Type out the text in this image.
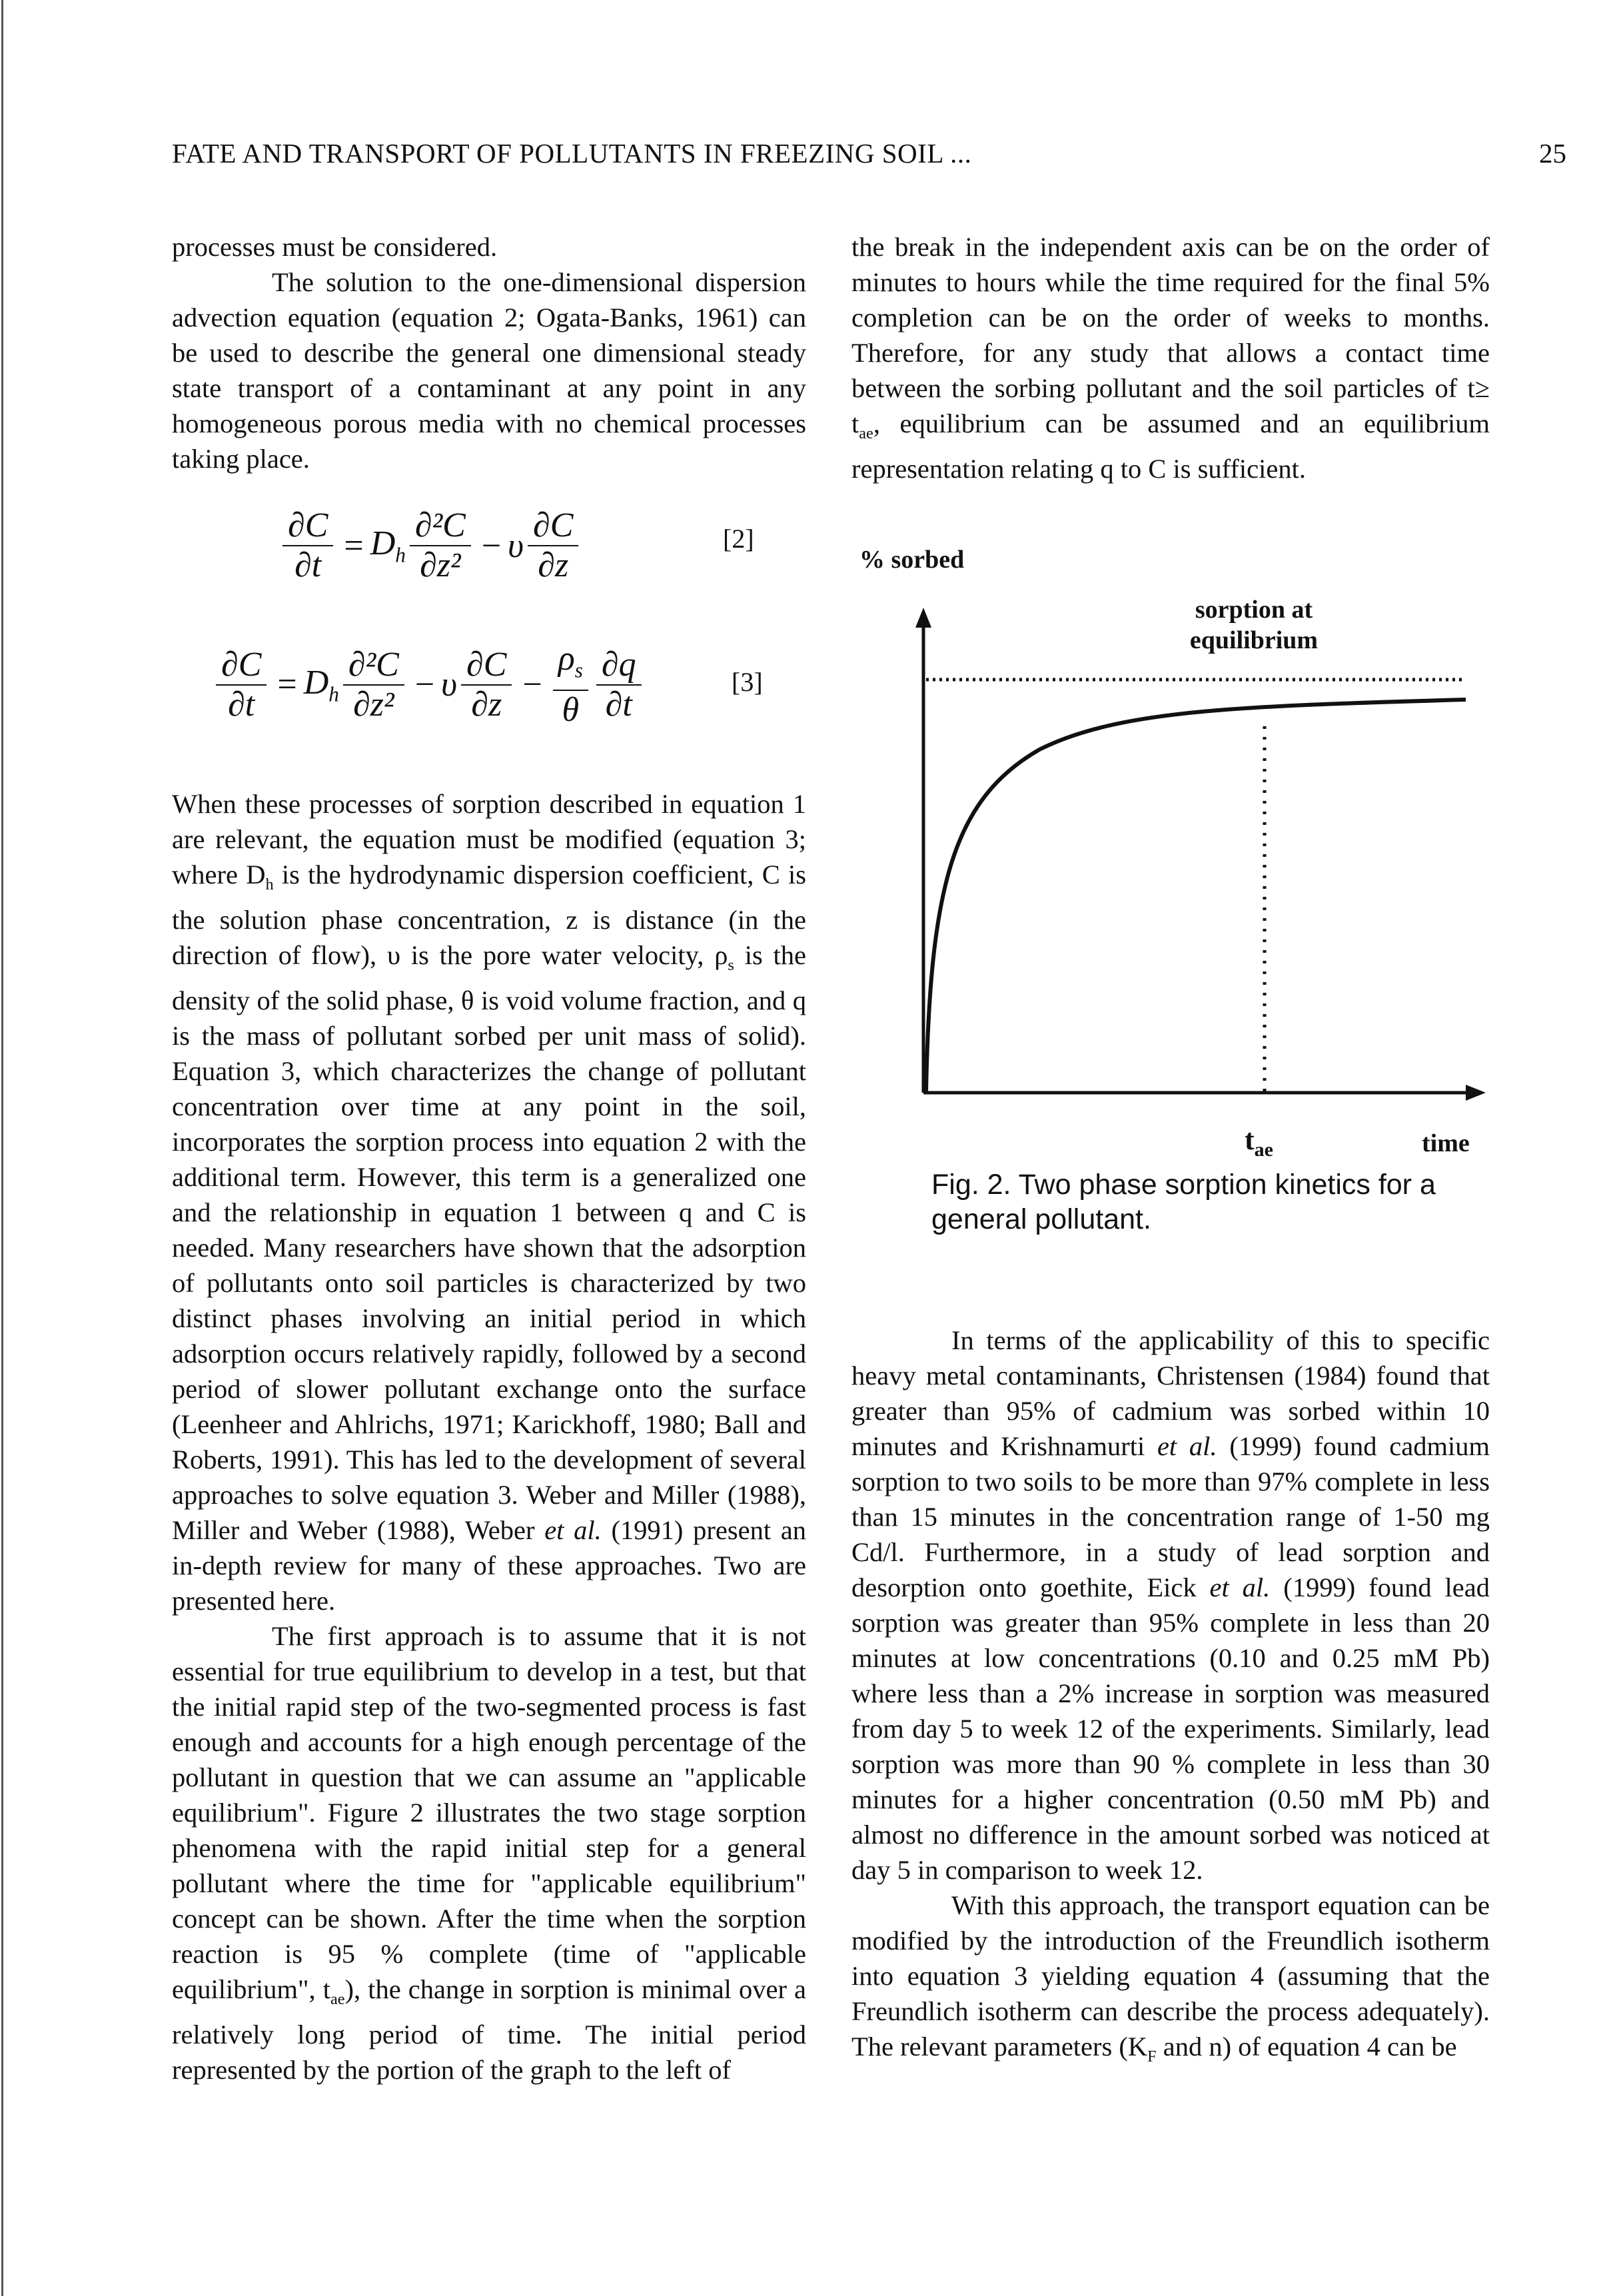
FATE AND TRANSPORT OF POLLUTANTS IN FREEZING SOIL ...	25

processes must be considered.

The solution to the one-dimensional dispersion advection equation (equation 2; Ogata-Banks, 1961) can be used to describe the general one dimensional steady state transport of a contaminant at any point in any homogeneous porous media with no chemical processes taking place.

$\frac{\partial C}{\partial t} = D_h \frac{\text{∂²C}}{\text{∂z²}} - \upsilon \frac{\partial C}{\partial z}$	[2]
$\frac{\partial C}{\partial t} = D_h \frac{\text{∂²C}}{\text{∂z²}} - \upsilon \frac{\partial C}{\partial z} - \frac{\rho_s}{\theta} \frac{\partial q}{\partial t}$	[3]

When these processes of sorption described in equation 1 are relevant, the equation must be modified (equation 3; where $D_h$ is the hydrodynamic dispersion coefficient, C is the solution phase concentration, z is distance (in the direction of flow), υ is the pore water velocity, $\rho_s$ is the density of the solid phase, θ is void volume fraction, and q is the mass of pollutant sorbed per unit mass of solid). Equation 3, which characterizes the change of pollutant concentration over time at any point in the soil, incorporates the sorption process into equation 2 with the additional term. However, this term is a generalized one and the relationship in equation 1 between q and C is needed. Many researchers have shown that the adsorption of pollutants onto soil particles is characterized by two distinct phases involving an initial period in which adsorption occurs relatively rapidly, followed by a second period of slower pollutant exchange onto the surface (Leenheer and Ahlrichs, 1971; Karickhoff, 1980; Ball and Roberts, 1991). This has led to the development of several approaches to solve equation 3. Weber and Miller (1988), Miller and Weber (1988), Weber et al. (1991) present an in-depth review for many of these approaches. Two are presented here.

The first approach is to assume that it is not essential for true equilibrium to develop in a test, but that the initial rapid step of the two-segmented process is fast enough and accounts for a high enough percentage of the pollutant in question that we can assume an "applicable equilibrium". Figure 2 illustrates the two stage sorption phenomena with the rapid initial step for a general pollutant where the time for "applicable equilibrium" concept can be shown. After the time when the sorption reaction is 95 % complete (time of "applicable equilibrium", $t_{ae}$), the change in sorption is minimal over a relatively long period of time. The initial period represented by the portion of the graph to the left of

the break in the independent axis can be on the order of minutes to hours while the time required for the final 5% completion can be on the order of weeks to months. Therefore, for any study that allows a contact time between the sorbing pollutant and the soil particles of $t\ge t_{ae}$, equilibrium can be assumed and an equilibrium representation relating q to C is sufficient.

% sorbed
sorption at
equilibrium
$t_{ae}$	time
Fig. 2. Two phase sorption kinetics for a general pollutant.

In terms of the applicability of this to specific heavy metal contaminants, Christensen (1984) found that greater than 95% of cadmium was sorbed within 10 minutes and Krishnamurti et al. (1999) found cadmium sorption to two soils to be more than 97% complete in less than 15 minutes in the concentration range of 1-50 mg Cd/l. Furthermore, in a study of lead sorption and desorption onto goethite, Eick et al. (1999) found lead sorption was greater than 95% complete in less than 20 minutes at low concentrations (0.10 and 0.25 mM Pb) where less than a 2% increase in sorption was measured from day 5 to week 12 of the experiments. Similarly, lead sorption was more than 90 % complete in less than 30 minutes for a higher concentration (0.50 mM Pb) and almost no difference in the amount sorbed was noticed at day 5 in comparison to week 12.

With this approach, the transport equation can be modified by the introduction of the Freundlich isotherm into equation 3 yielding equation 4 (assuming that the Freundlich isotherm can describe the process adequately). The relevant parameters ($K_F$ and n) of equation 4 can be
